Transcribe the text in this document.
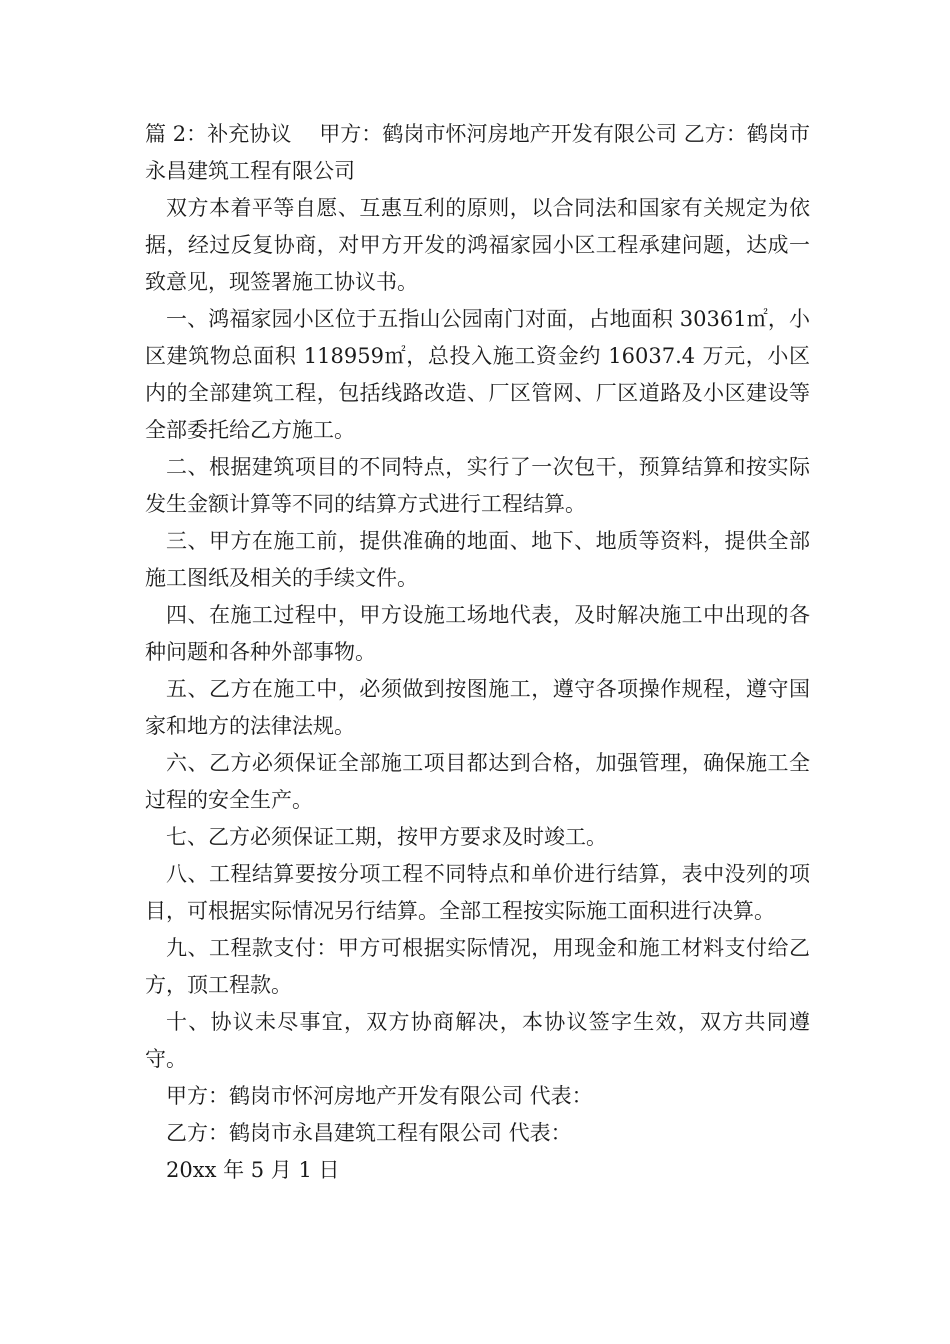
篇 2：补充协议　 甲方：鹤岗市怀河房地产开发有限公司 乙方：鹤岗市永昌建筑工程有限公司

双方本着平等自愿、互惠互利的原则，以合同法和国家有关规定为依据，经过反复协商，对甲方开发的鸿福家园小区工程承建问题，达成一致意见，现签署施工协议书。

一、鸿福家园小区位于五指山公园南门对面，占地面积 30361㎡，小区建筑物总面积 118959㎡，总投入施工资金约 16037.4 万元，小区内的全部建筑工程，包括线路改造、厂区管网、厂区道路及小区建设等全部委托给乙方施工。

二、根据建筑项目的不同特点，实行了一次包干，预算结算和按实际发生金额计算等不同的结算方式进行工程结算。

三、甲方在施工前，提供准确的地面、地下、地质等资料，提供全部施工图纸及相关的手续文件。

四、在施工过程中，甲方设施工场地代表，及时解决施工中出现的各种问题和各种外部事物。

五、乙方在施工中，必须做到按图施工，遵守各项操作规程，遵守国家和地方的法律法规。

六、乙方必须保证全部施工项目都达到合格，加强管理，确保施工全过程的安全生产。

七、乙方必须保证工期，按甲方要求及时竣工。

八、工程结算要按分项工程不同特点和单价进行结算，表中没列的项目，可根据实际情况另行结算。全部工程按实际施工面积进行决算。

九、工程款支付：甲方可根据实际情况，用现金和施工材料支付给乙方，顶工程款。

十、协议未尽事宜，双方协商解决，本协议签字生效，双方共同遵守。

甲方：鹤岗市怀河房地产开发有限公司 代表：

乙方：鹤岗市永昌建筑工程有限公司 代表：

20xx 年 5 月 1 日
